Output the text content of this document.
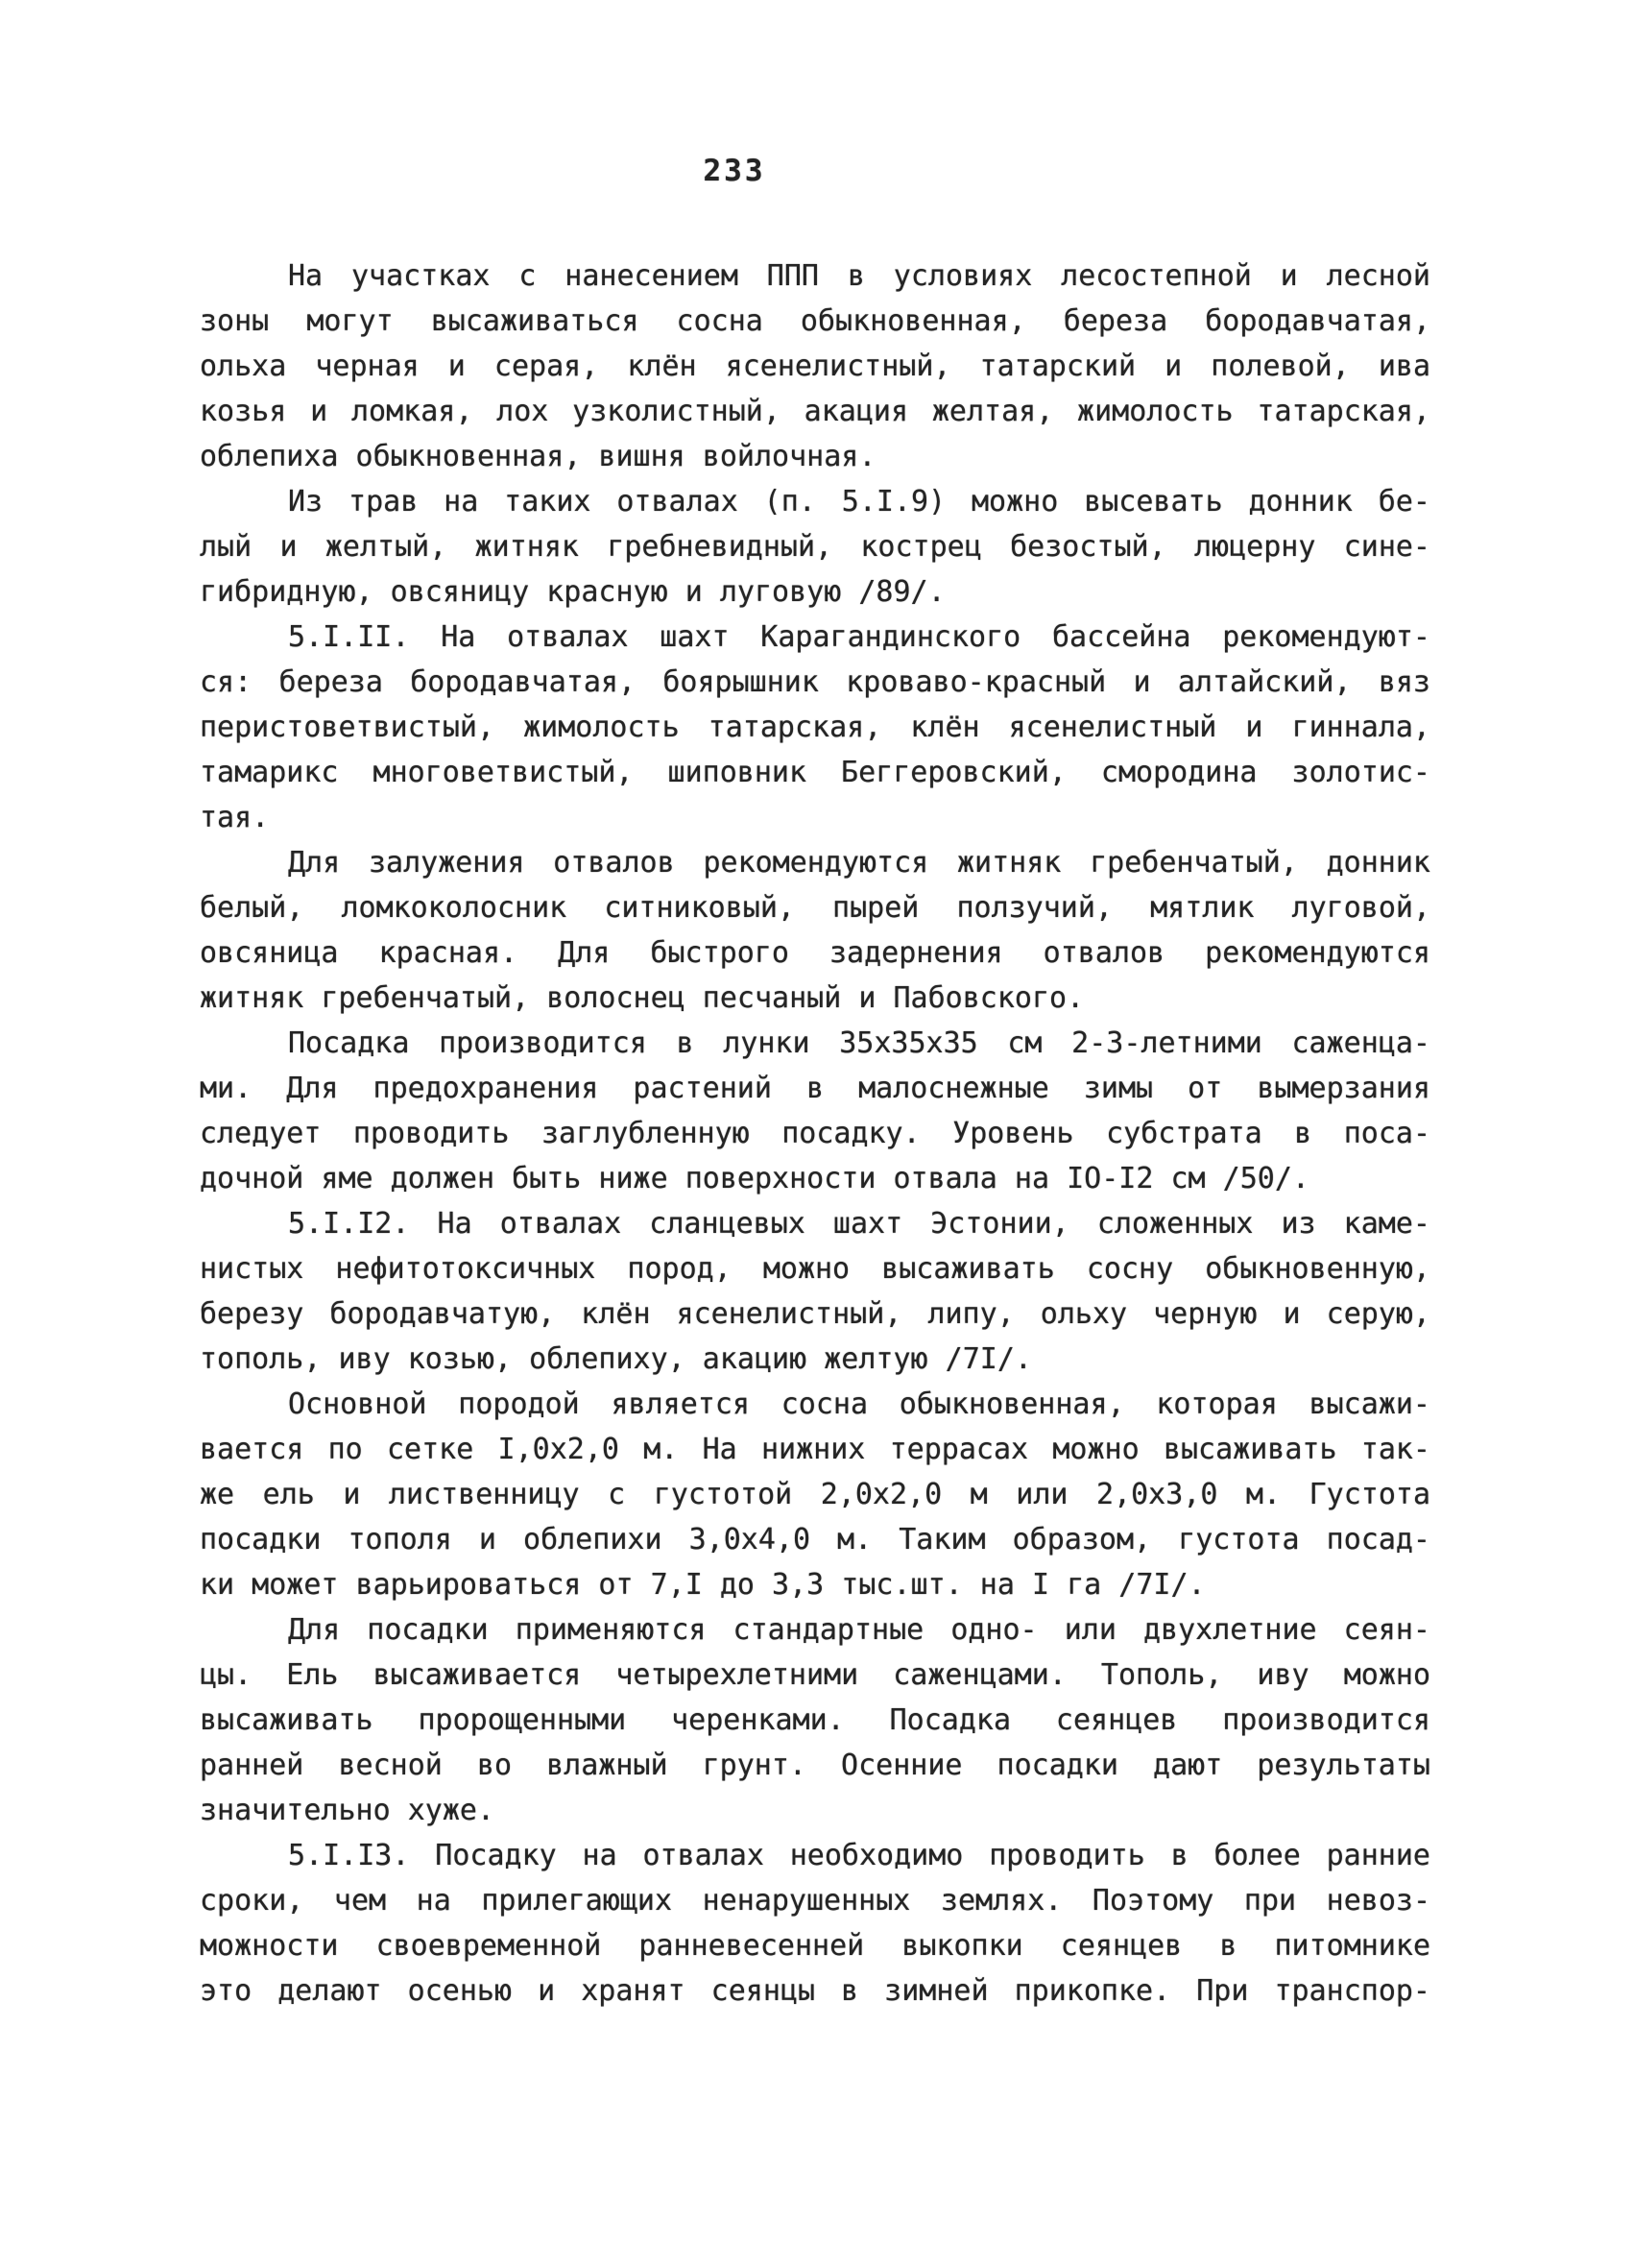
233
На участках с нанесением ППП в условиях лесостепной и лесной
зоны могут высаживаться сосна обыкновенная, береза бородавчатая,
ольха черная и серая, клён ясенелистный, татарский и полевой, ива
козья и ломкая, лох узколистный, акация желтая, жимолость татарская,
облепиха обыкновенная, вишня войлочная.
Из трав на таких отвалах (п. 5.I.9) можно высевать донник бе-
лый и желтый, житняк гребневидный, кострец безостый, люцерну сине-
гибридную, овсяницу красную и луговую /89/.
5.I.II. На отвалах шахт Карагандинского бассейна рекомендуют-
ся: береза бородавчатая, боярышник кроваво-красный и алтайский, вяз
перистоветвистый, жимолость татарская, клён ясенелистный и гиннала,
тамарикс многоветвистый, шиповник Беггеровский, смородина золотис-
тая.
Для залужения отвалов рекомендуются житняк гребенчатый, донник
белый, ломкоколосник ситниковый, пырей ползучий, мятлик луговой,
овсяница красная. Для быстрого задернения отвалов рекомендуются
житняк гребенчатый, волоснец песчаный и Пабовского.
Посадка производится в лунки 35х35х35 см 2-3-летними саженца-
ми. Для предохранения растений в малоснежные зимы от вымерзания
следует проводить заглубленную посадку. Уровень субстрата в поса-
дочной яме должен быть ниже поверхности отвала на IO-I2 см /50/.
5.I.I2. На отвалах сланцевых шахт Эстонии, сложенных из каме-
нистых нефитотоксичных пород, можно высаживать сосну обыкновенную,
березу бородавчатую, клён ясенелистный, липу, ольху черную и серую,
тополь, иву козью, облепиху, акацию желтую /7I/.
Основной породой является сосна обыкновенная, которая высажи-
вается по сетке I,0х2,0 м. На нижних террасах можно высаживать так-
же ель и лиственницу с густотой 2,0х2,0 м или 2,0х3,0 м. Густота
посадки тополя и облепихи 3,0х4,0 м. Таким образом, густота посад-
ки может варьироваться от 7,I до 3,3 тыс.шт. на I га /7I/.
Для посадки применяются стандартные одно- или двухлетние сеян-
цы. Ель высаживается четырехлетними саженцами. Тополь, иву можно
высаживать пророщенными черенками. Посадка сеянцев производится
ранней весной во влажный грунт. Осенние посадки дают результаты
значительно хуже.
5.I.I3. Посадку на отвалах необходимо проводить в более ранние
сроки, чем на прилегающих ненарушенных землях. Поэтому при невоз-
можности своевременной ранневесенней выкопки сеянцев в питомнике
это делают осенью и хранят сеянцы в зимней прикопке. При транспор-
